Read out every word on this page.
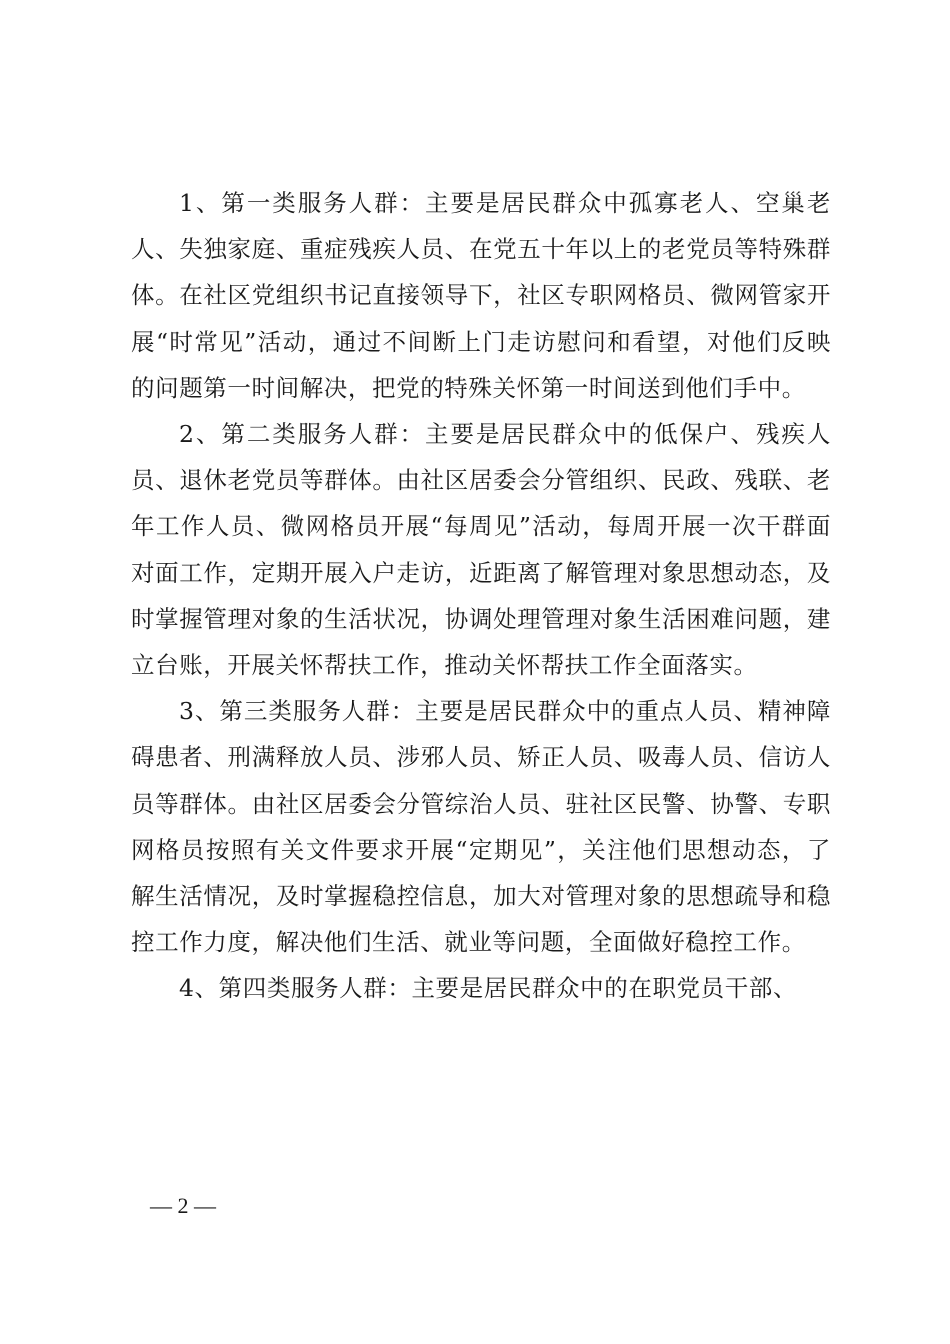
1、第一类服务人群：主要是居民群众中孤寡老人、空巢老人、失独家庭、重症残疾人员、在党五十年以上的老党员等特殊群体。在社区党组织书记直接领导下，社区专职网格员、微网管家开展“时常见”活动，通过不间断上门走访慰问和看望，对他们反映的问题第一时间解决，把党的特殊关怀第一时间送到他们手中。

2、第二类服务人群：主要是居民群众中的低保户、残疾人员、退休老党员等群体。由社区居委会分管组织、民政、残联、老年工作人员、微网格员开展“每周见”活动，每周开展一次干群面对面工作，定期开展入户走访，近距离了解管理对象思想动态，及时掌握管理对象的生活状况，协调处理管理对象生活困难问题，建立台账，开展关怀帮扶工作，推动关怀帮扶工作全面落实。

3、第三类服务人群：主要是居民群众中的重点人员、精神障碍患者、刑满释放人员、涉邪人员、矫正人员、吸毒人员、信访人员等群体。由社区居委会分管综治人员、驻社区民警、协警、专职网格员按照有关文件要求开展“定期见”，关注他们思想动态，了解生活情况，及时掌握稳控信息，加大对管理对象的思想疏导和稳控工作力度，解决他们生活、就业等问题，全面做好稳控工作。

4、第四类服务人群：主要是居民群众中的在职党员干部、

— 2 —
